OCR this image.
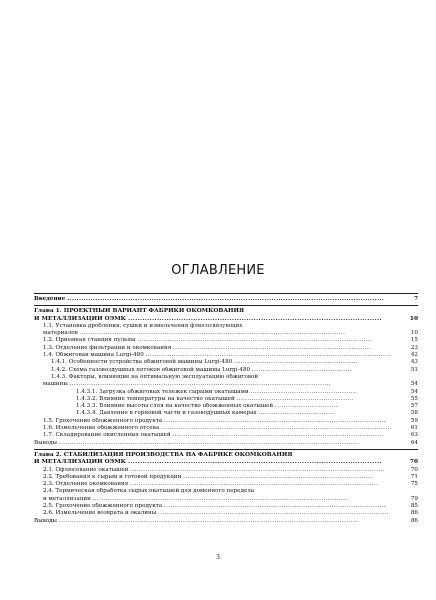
ОГЛАВЛЕНИЕ
Введение .......................................................................................................................................	7
Глава 1. ПРОЕКТНЫЙ ВАРИАНТ ФАБРИКИ ОКОМКОВАНИЯ
И МЕТАЛЛИЗАЦИИ ОЭМК .........................................................................................................	10
1.1. Установка дробления, сушки и измельчения флюсосвязующих
материалов ..........................................................................................................................	10
1.2. Приемная станция пульпы ............................................................................................................	15
1.3. Отделение фильтрации и окомкования ...........................................................................................	23
1.4. Обжиговая машина Lurgi-480 .................................................................................................................	42
1.4.1. Особенности устройства обжиговой машины Lurgi-480 .........................................................	43
1.4.2. Схема газовоздушных потоков обжиговой машины Lurgi-480 ..............................................	51
1.4.3. Факторы, влияющие на оптимальную эксплуатацию обжиговой
машины ........................................................................................................................	54
1.4.3.1. Загрузка обжиговых тележек сырыми окатышами .................................................	54
1.4.3.2. Влияние температуры на качество окатышей ......................................................	55
1.4.3.3. Влияние высоты слоя на качество обожженных окатышей .............................	57
1.4.3.4. Давление в горновой части и газоводушных камерах ...................................	58
1.5. Грохочение обожженного продукта ......................................................................................................	59
1.6. Измельчение обожженного отсева ..........................................................................................................	61
1.7. Складирование окисленных окатышей .................................................................................................	63
Выводы ..........................................................................................................................................	64
Глава 2. СТАБИЛИЗАЦИЯ ПРОИЗВОДСТВА НА ФАБРИКЕ ОКОМКОВАНИЯ
И МЕТАЛЛИЗАЦИИ ОЭМК .........................................................................................................	70
2.1. Офлюсование окатышей .....................................................................................................................	70
2.2. Требования к сырым и готовой продукции .......................................................................................	71
2.3. Отделение окомкования ..................................................................................................................	75
2.4. Термическая обработка сырых окатышей для доменного передела
и металлизации .....................................................................................................................	79
2.5. Грохочение обожженного продукта ......................................................................................................	85
2.6. Измельчение возврата и окалины ..........................................................................................................	86
Выводы ..........................................................................................................................................	86
3
